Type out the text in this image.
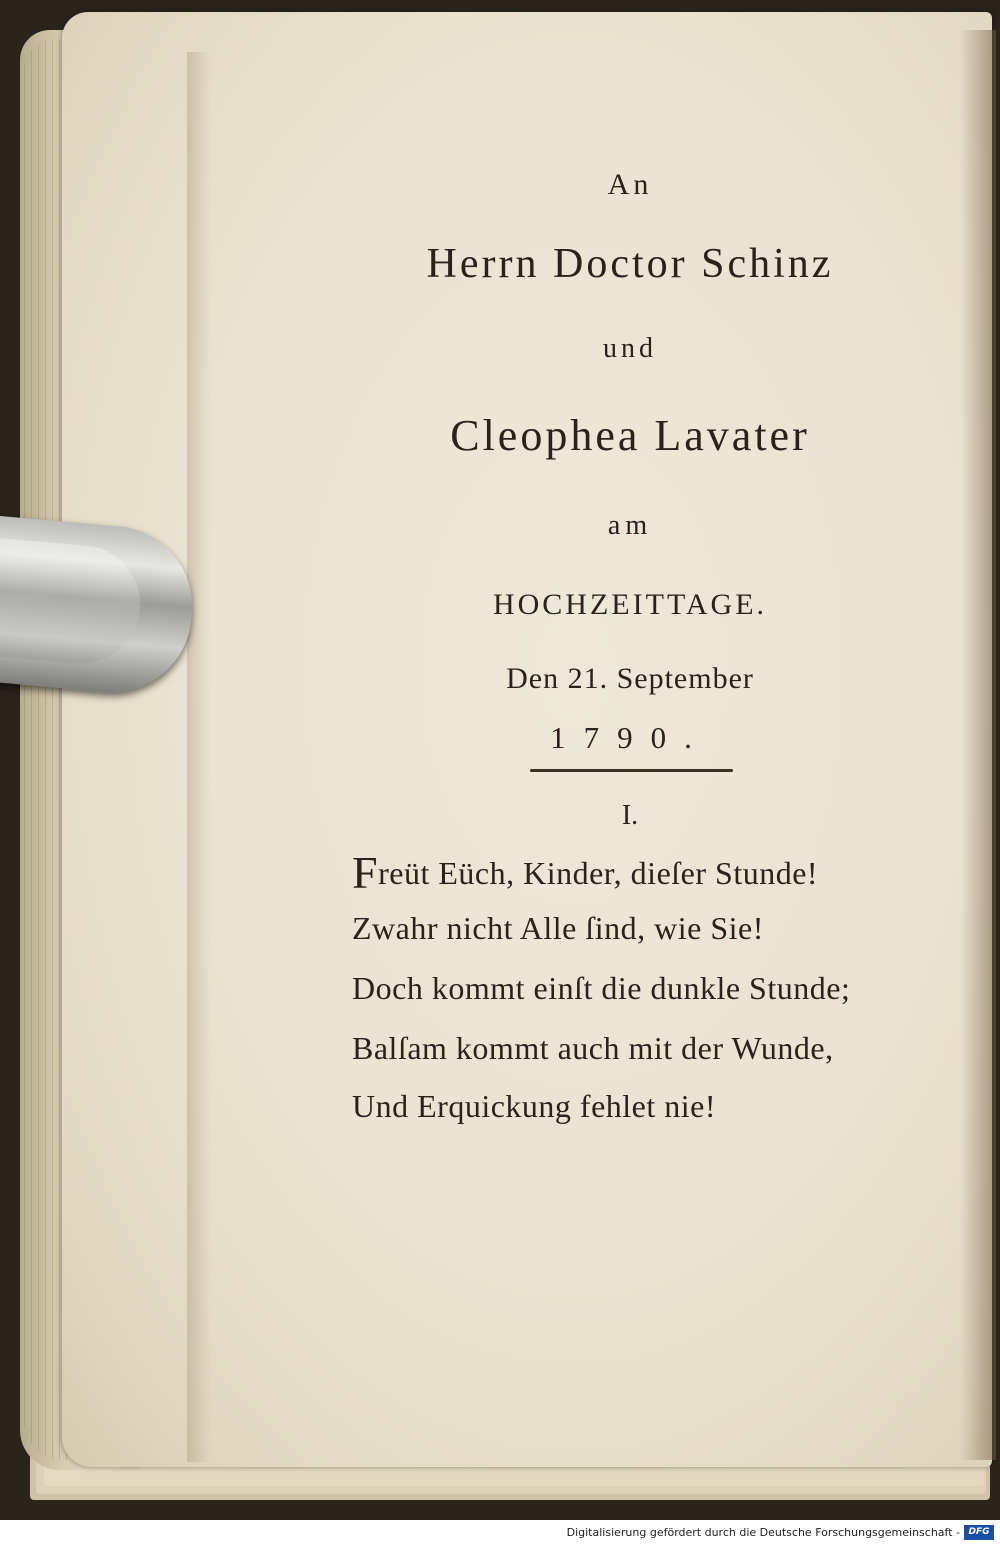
An
Herrn Doctor Schinz
und
Cleophea Lavater
am
HOCHZEITTAGE.
Den 21. September
1790.
I.
Freüt Eüch, Kinder, dieſer Stunde!
Zwahr nicht Alle ſind, wie Sie!
Doch kommt einſt die dunkle Stunde;
Balſam kommt auch mit der Wunde,
Und Erquickung fehlet nie!
Digitalisierung gefördert durch die Deutsche Forschungsgemeinschaft - DFG
